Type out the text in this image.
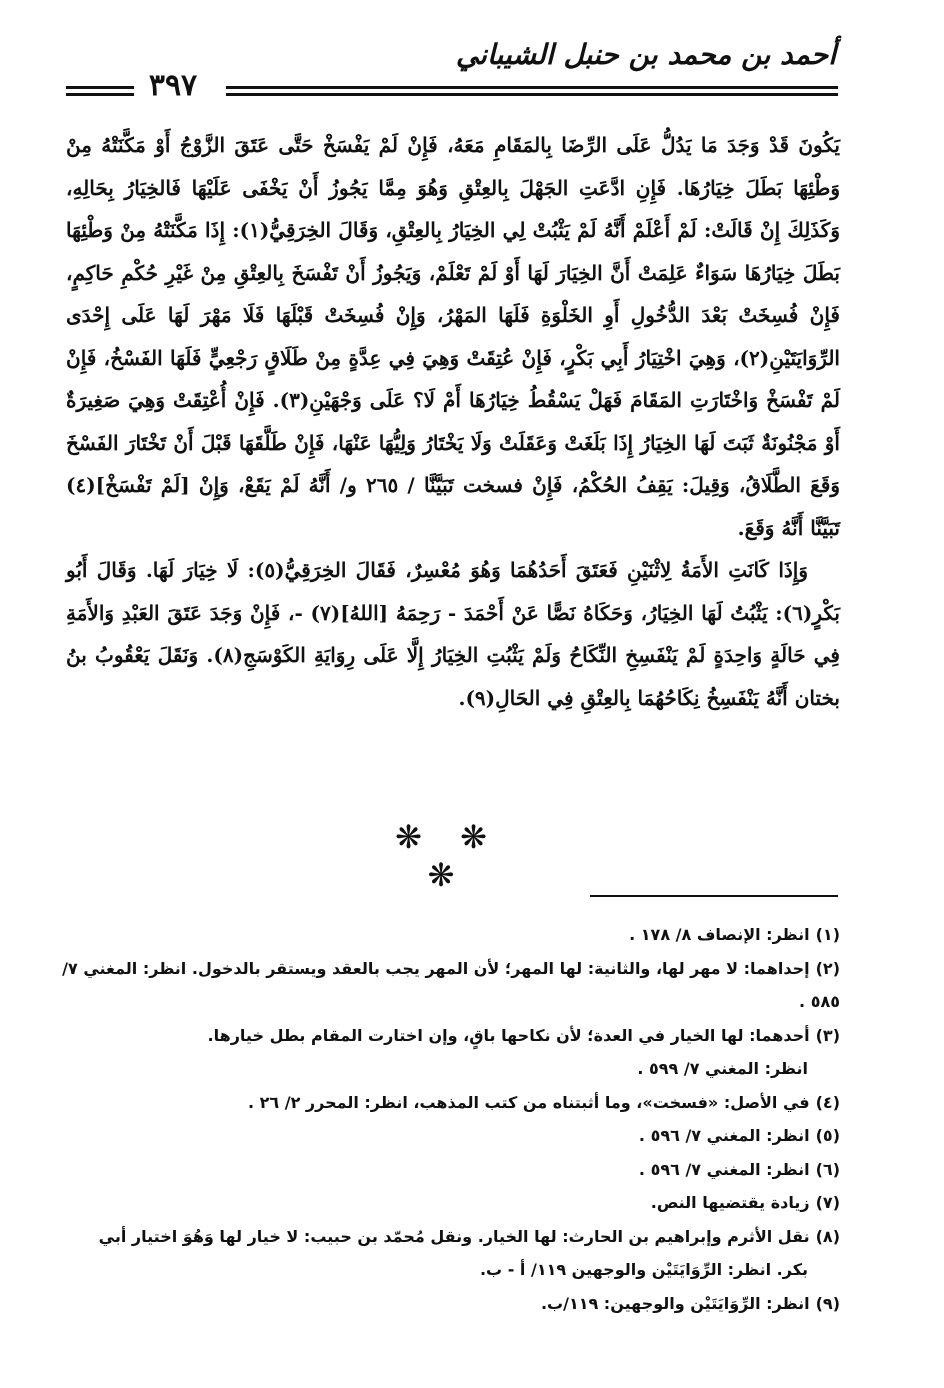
أحمد بن محمد بن حنبل الشيباني
٣٩٧

يَكُونَ قَدْ وَجَدَ مَا يَدُلُّ عَلَى الرِّضَا بِالمَقَامِ مَعَهُ، فَإِنْ لَمْ يَفْسَخْ حَتَّى عَتَقَ الزَّوْجُ أَوْ مَكَّنَتْهُ مِنْ وَطْئِهَا بَطَلَ خِيَارُهَا. فَإِنِ ادَّعَتِ الجَهْلَ بِالعِتْقِ وَهُوَ مِمَّا يَجُوزُ أَنْ يَخْفَى عَلَيْهَا فَالخِيَارُ بِحَالِهِ، وَكَذَلِكَ إِنْ قَالَتْ: لَمْ أَعْلَمْ أَنَّهُ لَمْ يَثْبُتْ لِي الخِيَارُ بِالعِتْقِ، وَقَالَ الخِرَقِيُّ(١): إِذَا مَكَّنَتْهُ مِنْ وَطْئِهَا بَطَلَ خِيَارُهَا سَوَاءٌ عَلِمَتْ أَنَّ الخِيَارَ لَهَا أَوْ لَمْ تَعْلَمْ، وَيَجُوزُ أَنْ تَفْسَخَ بِالعِتْقِ مِنْ غَيْرِ حُكْمِ حَاكِمٍ، فَإِنْ فُسِخَتْ بَعْدَ الدُّخُولِ أَوِ الخَلْوَةِ فَلَهَا المَهْرُ، وَإِنْ فُسِخَتْ قَبْلَهَا فَلَا مَهْرَ لَهَا عَلَى إِحْدَى الرِّوَايَتَيْنِ(٢)، وَهِيَ اخْتِيَارُ أَبِي بَكْرٍ، فَإِنْ عُتِقَتْ وَهِيَ فِي عِدَّةٍ مِنْ طَلَاقٍ رَجْعِيٍّ فَلَهَا الفَسْخُ، فَإِنْ لَمْ تَفْسَخْ وَاخْتَارَتِ المَقَامَ فَهَلْ يَسْقُطُ خِيَارُهَا أَمْ لَا؟ عَلَى وَجْهَيْنِ(٣). فَإِنْ أُعْتِقَتْ وَهِيَ صَغِيرَةٌ أَوْ مَجْنُونَةٌ ثَبَتَ لَهَا الخِيَارُ إِذَا بَلَغَتْ وَعَقَلَتْ وَلَا يَخْتَارُ وَلِيُّهَا عَنْهَا، فَإِنْ طَلَّقَهَا قَبْلَ أَنْ تَخْتَارَ الفَسْخَ وَقَعَ الطَّلَاقُ، وَقِيلَ: يَقِفُ الحُكْمُ، فَإِنْ فسخت تَبَيَّنَّا / ٢٦٥ و/ أَنَّهُ لَمْ يَقَعْ، وَإِنْ [لَمْ تَفْسَخْ](٤) تَبَيَّنَّا أَنَّهُ وَقَعَ.

وَإِذَا كَانَتِ الأَمَةُ لِاثْنَيْنِ فَعَتَقَ أَحَدُهُمَا وَهُوَ مُعْسِرٌ، فَقَالَ الخِرَقِيُّ(٥): لَا خِيَارَ لَهَا. وَقَالَ أَبُو بَكْرٍ(٦): يَثْبُتُ لَهَا الخِيَارُ، وَحَكَاهُ نَصًّا عَنْ أَحْمَدَ - رَحِمَهُ [اللهُ](٧) -، فَإِنْ وَجَدَ عَتَقَ العَبْدِ وَالأَمَةِ فِي حَالَةٍ وَاحِدَةٍ لَمْ يَنْفَسِخِ النِّكَاحُ وَلَمْ يَثْبُتِ الخِيَارُ إِلَّا عَلَى رِوَايَةِ الكَوْسَجِ(٨). وَنَقَلَ يَعْقُوبُ بنُ بختان أَنَّهُ يَنْفَسِخُ نِكَاحُهُمَا بِالعِتْقِ فِي الحَالِ(٩).

❋ ❋ ❋

(١)انظر: الإنصاف ٨/ ١٧٨ .

(٢)إحداهما: لا مهر لها، والثانية: لها المهر؛ لأن المهر يجب بالعقد ويستقر بالدخول. انظر: المغني ٧/ ٥٨٥ .

(٣)أحدهما: لها الخيار في العدة؛ لأن نكاحها باقٍ، وإن اختارت المقام بطل خيارها.
انظر: المغني ٧/ ٥٩٩ .

(٤)في الأصل: «فسخت»، وما أثبتناه من كتب المذهب، انظر: المحرر ٢/ ٢٦ .

(٥)انظر: المغني ٧/ ٥٩٦ .

(٦)انظر: المغني ٧/ ٥٩٦ .

(٧)زيادة يقتضيها النص.

(٨)نقل الأثرم وإبراهيم بن الحارث: لها الخيار. ونقل مُحمّد بن حبيب: لا خيار لها وَهُوَ اختيار أبي
بكر. انظر: الرِّوَايَتَيْن والوجهين ١١٩/ أ - ب.

(٩)انظر: الرِّوَايَتَيْن والوجهين: ١١٩/ب.
